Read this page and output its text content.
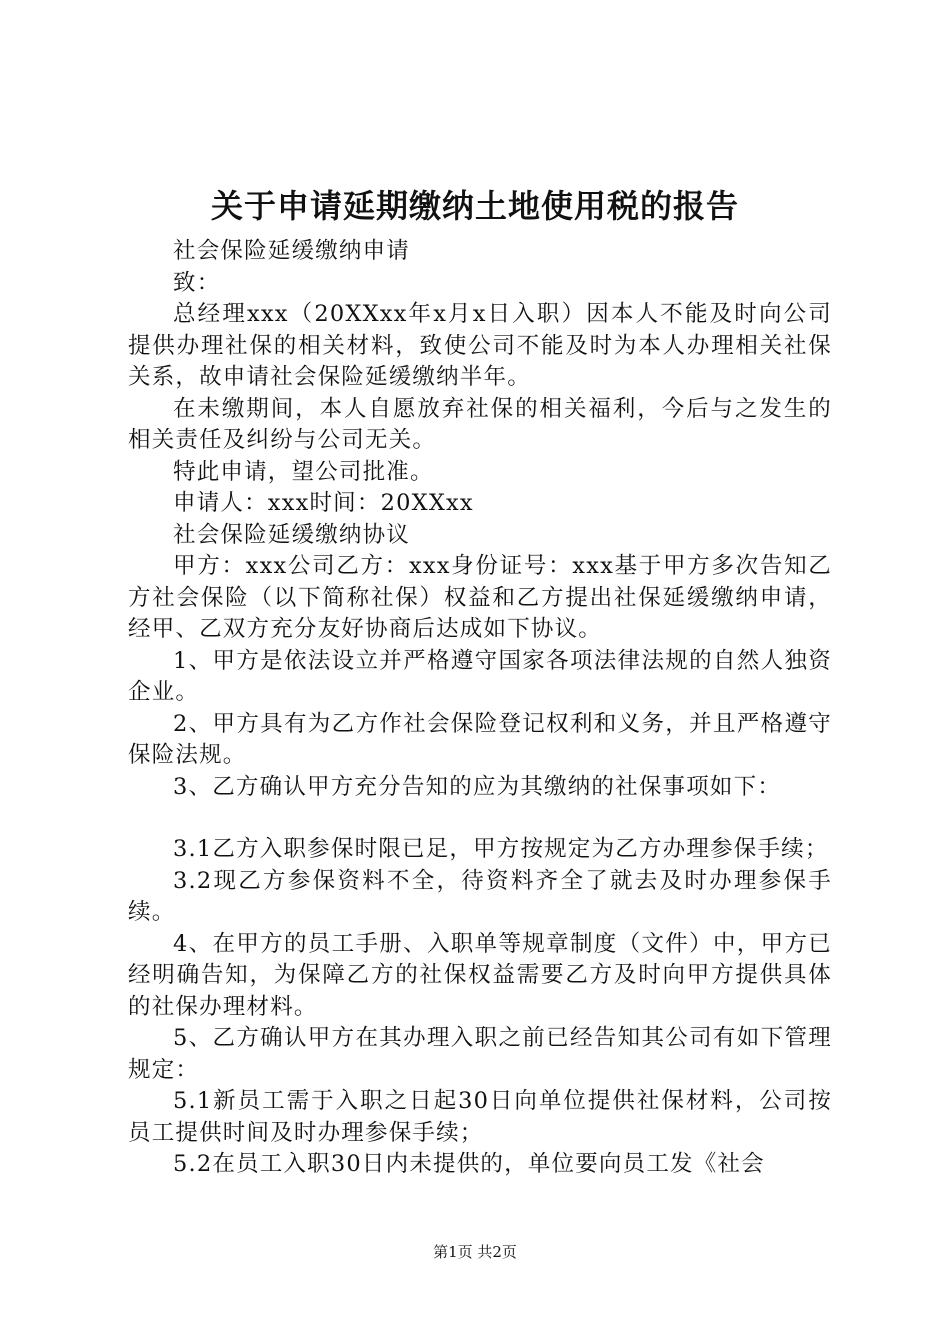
关于申请延期缴纳土地使用税的报告

社会保险延缓缴纳申请

致：

总经理xxx（20XXxx年x月x日入职）因本人不能及时向公司提供办理社保的相关材料，致使公司不能及时为本人办理相关社保关系，故申请社会保险延缓缴纳半年。

在未缴期间，本人自愿放弃社保的相关福利，今后与之发生的相关责任及纠纷与公司无关。

特此申请，望公司批准。

申请人：xxx时间：20XXxx

社会保险延缓缴纳协议

甲方：xxx公司乙方：xxx身份证号：xxx基于甲方多次告知乙方社会保险（以下简称社保）权益和乙方提出社保延缓缴纳申请，经甲、乙双方充分友好协商后达成如下协议。

1、甲方是依法设立并严格遵守国家各项法律法规的自然人独资企业。

2、甲方具有为乙方作社会保险登记权利和义务，并且严格遵守保险法规。

3、乙方确认甲方充分告知的应为其缴纳的社保事项如下：

3.1乙方入职参保时限已足，甲方按规定为乙方办理参保手续；

3.2现乙方参保资料不全，待资料齐全了就去及时办理参保手续。

4、在甲方的员工手册、入职单等规章制度（文件）中，甲方已经明确告知，为保障乙方的社保权益需要乙方及时向甲方提供具体的社保办理材料。

5、乙方确认甲方在其办理入职之前已经告知其公司有如下管理规定：

5.1新员工需于入职之日起30日向单位提供社保材料，公司按员工提供时间及时办理参保手续；

5.2在员工入职30日内未提供的，单位要向员工发《社会

第1页 共2页
